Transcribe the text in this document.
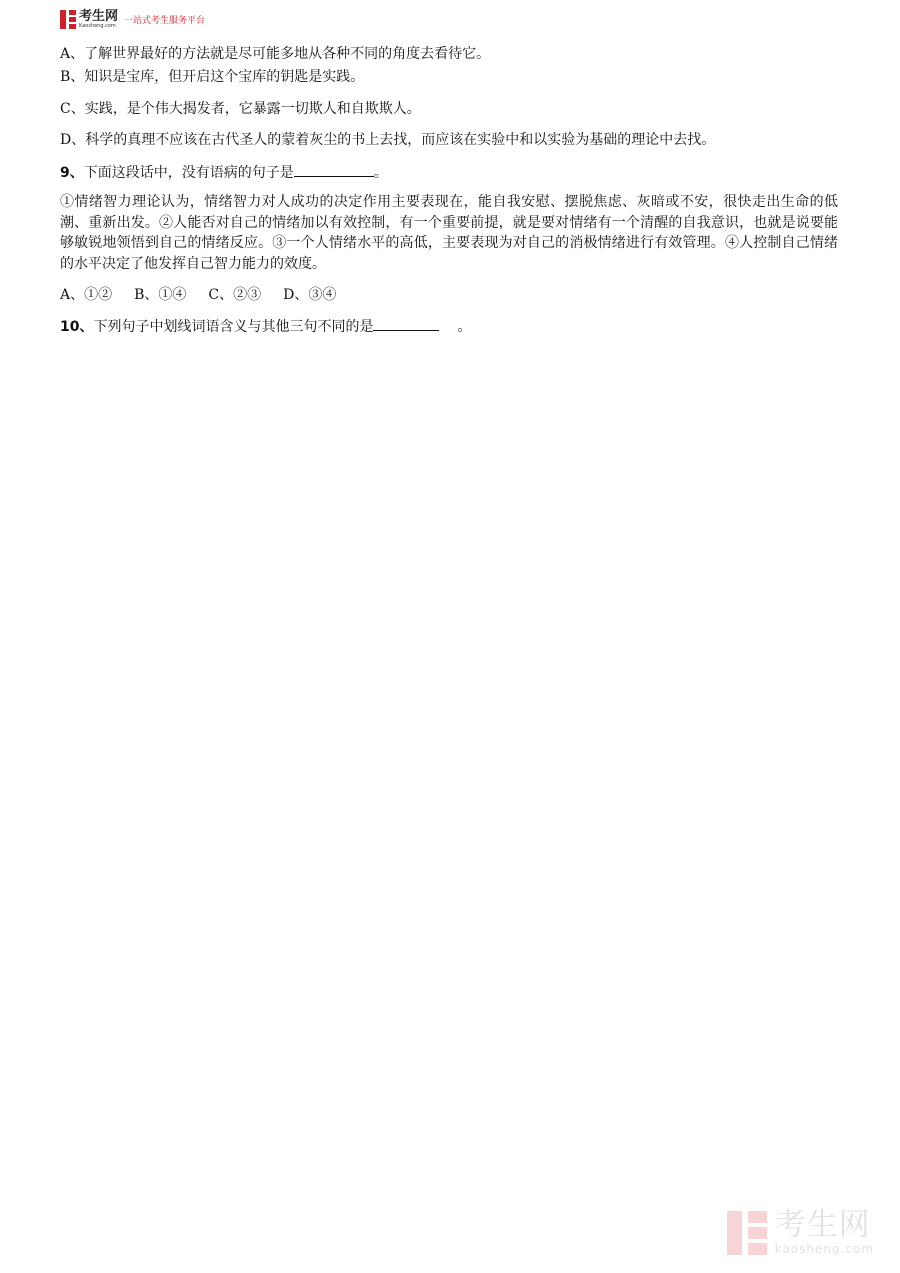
考生网
Kaosheng.com 一站式考生服务平台
A、了解世界最好的方法就是尽可能多地从各种不同的角度去看待它。
B、知识是宝库，但开启这个宝库的钥匙是实践。
C、实践，是个伟大揭发者，它暴露一切欺人和自欺欺人。
D、科学的真理不应该在古代圣人的蒙着灰尘的书上去找，而应该在实验中和以实验为基础的理论中去找。
9、下面这段话中，没有语病的句子是	。
①情绪智力理论认为，情绪智力对人成功的决定作用主要表现在，能自我安慰、摆脱焦虑、灰暗或不安，很快走出生命的低潮、重新出发。②人能否对自己的情绪加以有效控制，有一个重要前提，就是要对情绪有一个清醒的自我意识，也就是说要能够敏锐地领悟到自己的情绪反应。③一个人情绪水平的高低，主要表现为对自己的消极情绪进行有效管理。④人控制自己情绪的水平决定了他发挥自己智力能力的效度。
A、①② B、①④ C、②③ D、③④
10、下列句子中划线词语含义与其他三句不同的是	。
考生网
kaosheng.com
